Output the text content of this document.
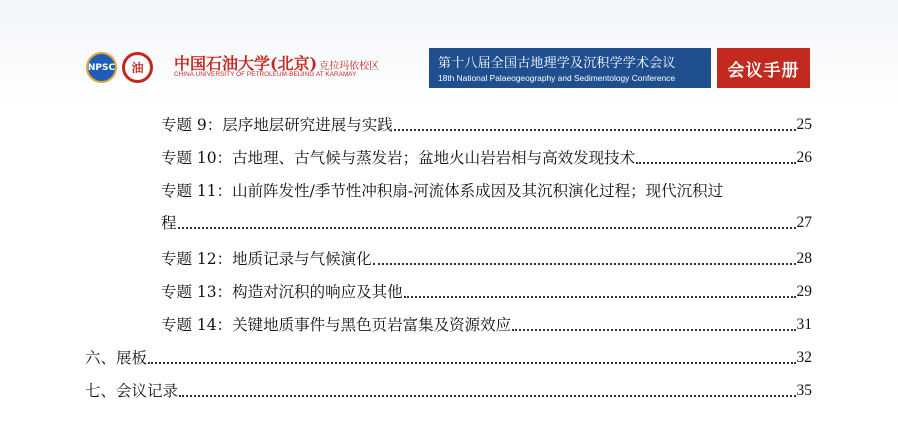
NPSC 油 中国石油大学(北京) 克拉玛依校区
CHINA UNIVERSITY OF PETROLEUM-BEIJING AT KARAMAY
第十八届全国古地理学及沉积学学术会议
18th National Palaeogeography and Sedimentology Conference	会议手册
专题 9：层序地层研究进展与实践	25
专题 10：古地理、古气候与蒸发岩；盆地火山岩岩相与高效发现技术	26
专题 11：山前阵发性/季节性冲积扇-河流体系成因及其沉积演化过程；现代沉积过
程	27
专题 12：地质记录与气候演化	28
专题 13：构造对沉积的响应及其他	29
专题 14：关键地质事件与黑色页岩富集及资源效应	31
六、展板	32
七、会议记录	35
